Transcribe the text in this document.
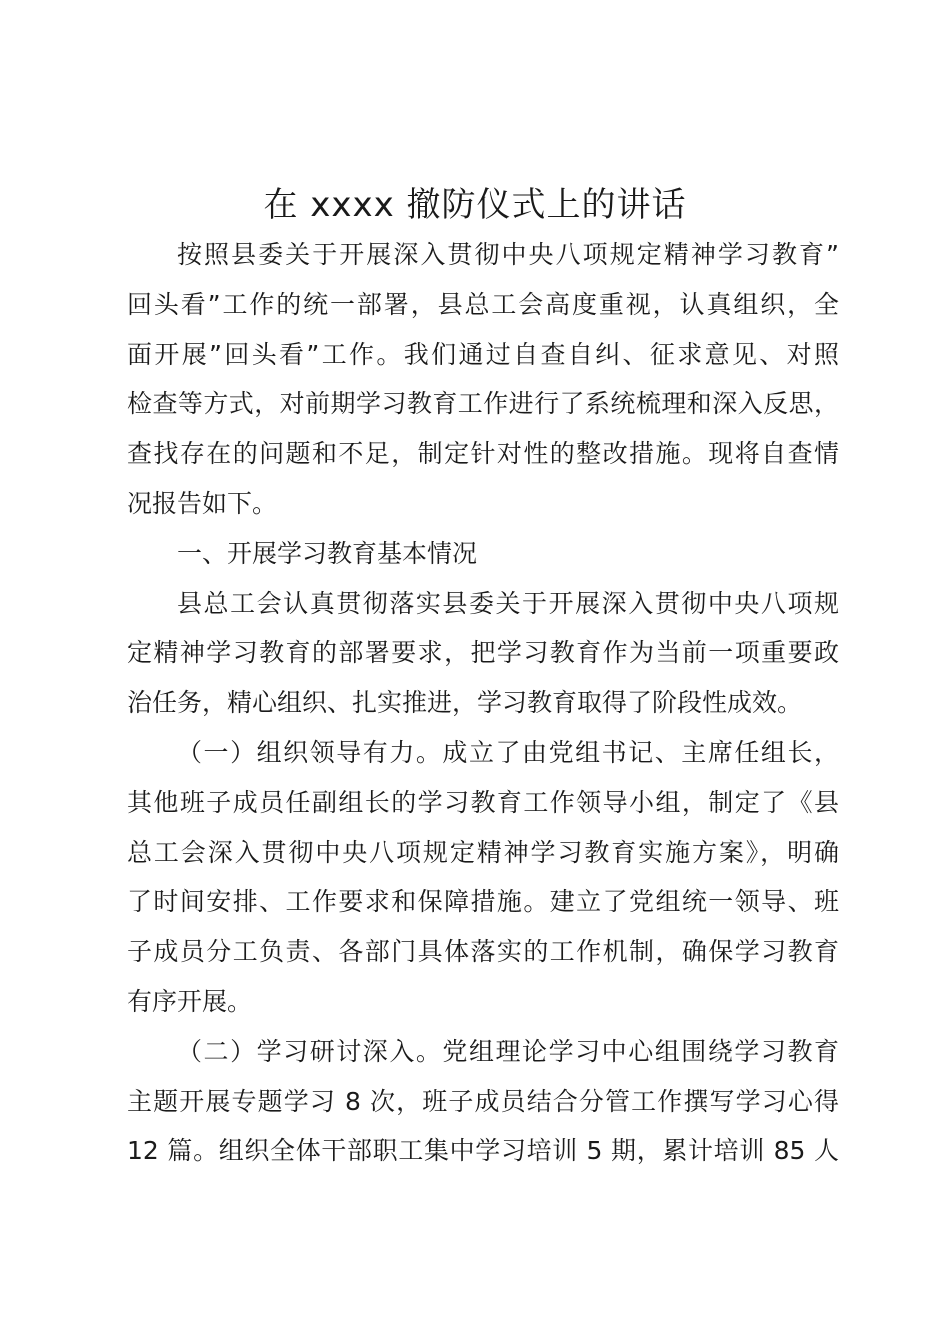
在 xxxx 撤防仪式上的讲话
按照县委关于开展深入贯彻中央八项规定精神学习教育”
回头看”工作的统一部署，县总工会高度重视，认真组织，全
面开展”回头看”工作。我们通过自查自纠、征求意见、对照
检查等方式，对前期学习教育工作进行了系统梳理和深入反思，
查找存在的问题和不足，制定针对性的整改措施。现将自查情
况报告如下。
一、开展学习教育基本情况
县总工会认真贯彻落实县委关于开展深入贯彻中央八项规
定精神学习教育的部署要求，把学习教育作为当前一项重要政
治任务，精心组织、扎实推进，学习教育取得了阶段性成效。
（一）组织领导有力。成立了由党组书记、主席任组长，
其他班子成员任副组长的学习教育工作领导小组，制定了《县
总工会深入贯彻中央八项规定精神学习教育实施方案》，明确
了时间安排、工作要求和保障措施。建立了党组统一领导、班
子成员分工负责、各部门具体落实的工作机制，确保学习教育
有序开展。
（二）学习研讨深入。党组理论学习中心组围绕学习教育
主题开展专题学习 8 次，班子成员结合分管工作撰写学习心得
12 篇。组织全体干部职工集中学习培训 5 期，累计培训 85 人
